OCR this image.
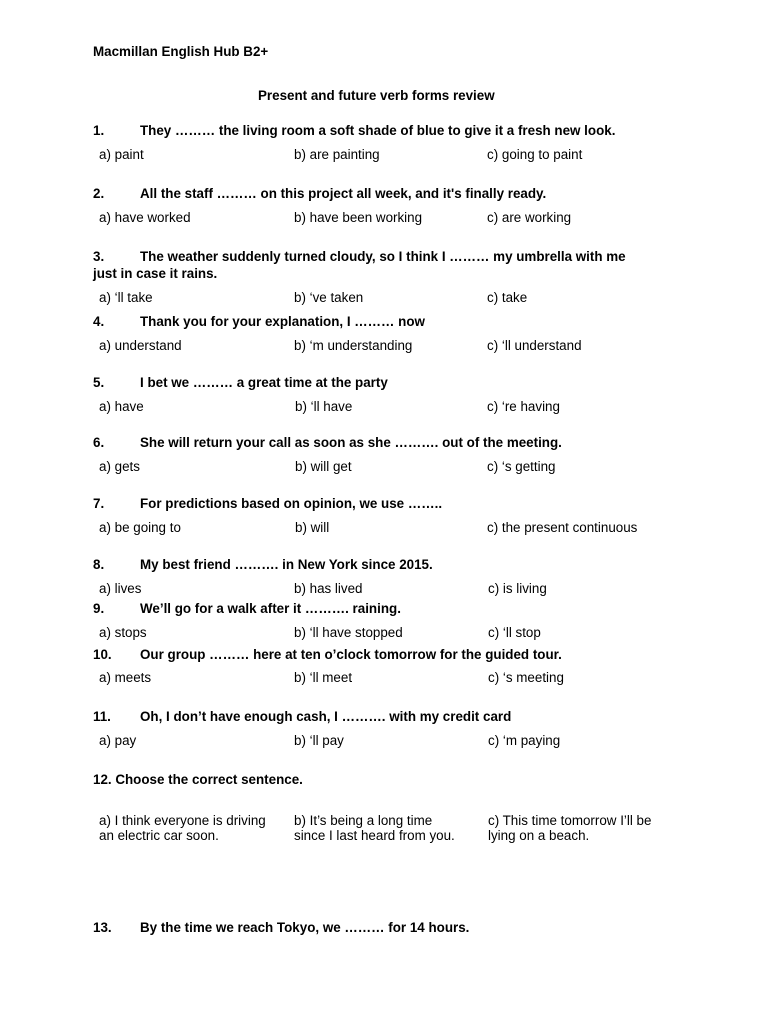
Macmillan English Hub B2+
Present and future verb forms review
1.	They ……… the living room a soft shade of blue to give it a fresh new look.
a) paint	b) are painting	c) going to paint
2.	All the staff ……… on this project all week, and it's finally ready.
a) have worked	b) have been working	c) are working
3.	The weather suddenly turned cloudy, so I think I ……… my umbrella with me
just in case it rains.
a) ‘ll take	b) ‘ve taken	c) take
4.	Thank you for your explanation, I ……… now
a) understand	b) ‘m understanding	c) ‘ll understand
5.	I bet we ……… a great time at the party
a) have	b) ‘ll have	c) ‘re having
6.	She will return your call as soon as she ………. out of the meeting.
a) gets	b) will get	c) ‘s getting
7.	For predictions based on opinion, we use ……..
a) be going to	b) will	c) the present continuous
8.	My best friend ………. in New York since 2015.
a) lives	b) has lived	c) is living
9.	We’ll go for a walk after it ………. raining.
a) stops	b) ‘ll have stopped	c) ‘ll stop
10. Our group ……… here at ten o’clock tomorrow for the guided tour.
a) meets	b) ‘ll meet	c) ‘s meeting
11. Oh, I don’t have enough cash, I ………. with my credit card
a) pay	b) ‘ll pay	c) ‘m paying
12. Choose the correct sentence.
a) I think everyone is driving
an electric car soon.
b) It’s being a long time
since I last heard from you.
c) This time tomorrow I’ll be
lying on a beach.
13. By the time we reach Tokyo, we ……… for 14 hours.
